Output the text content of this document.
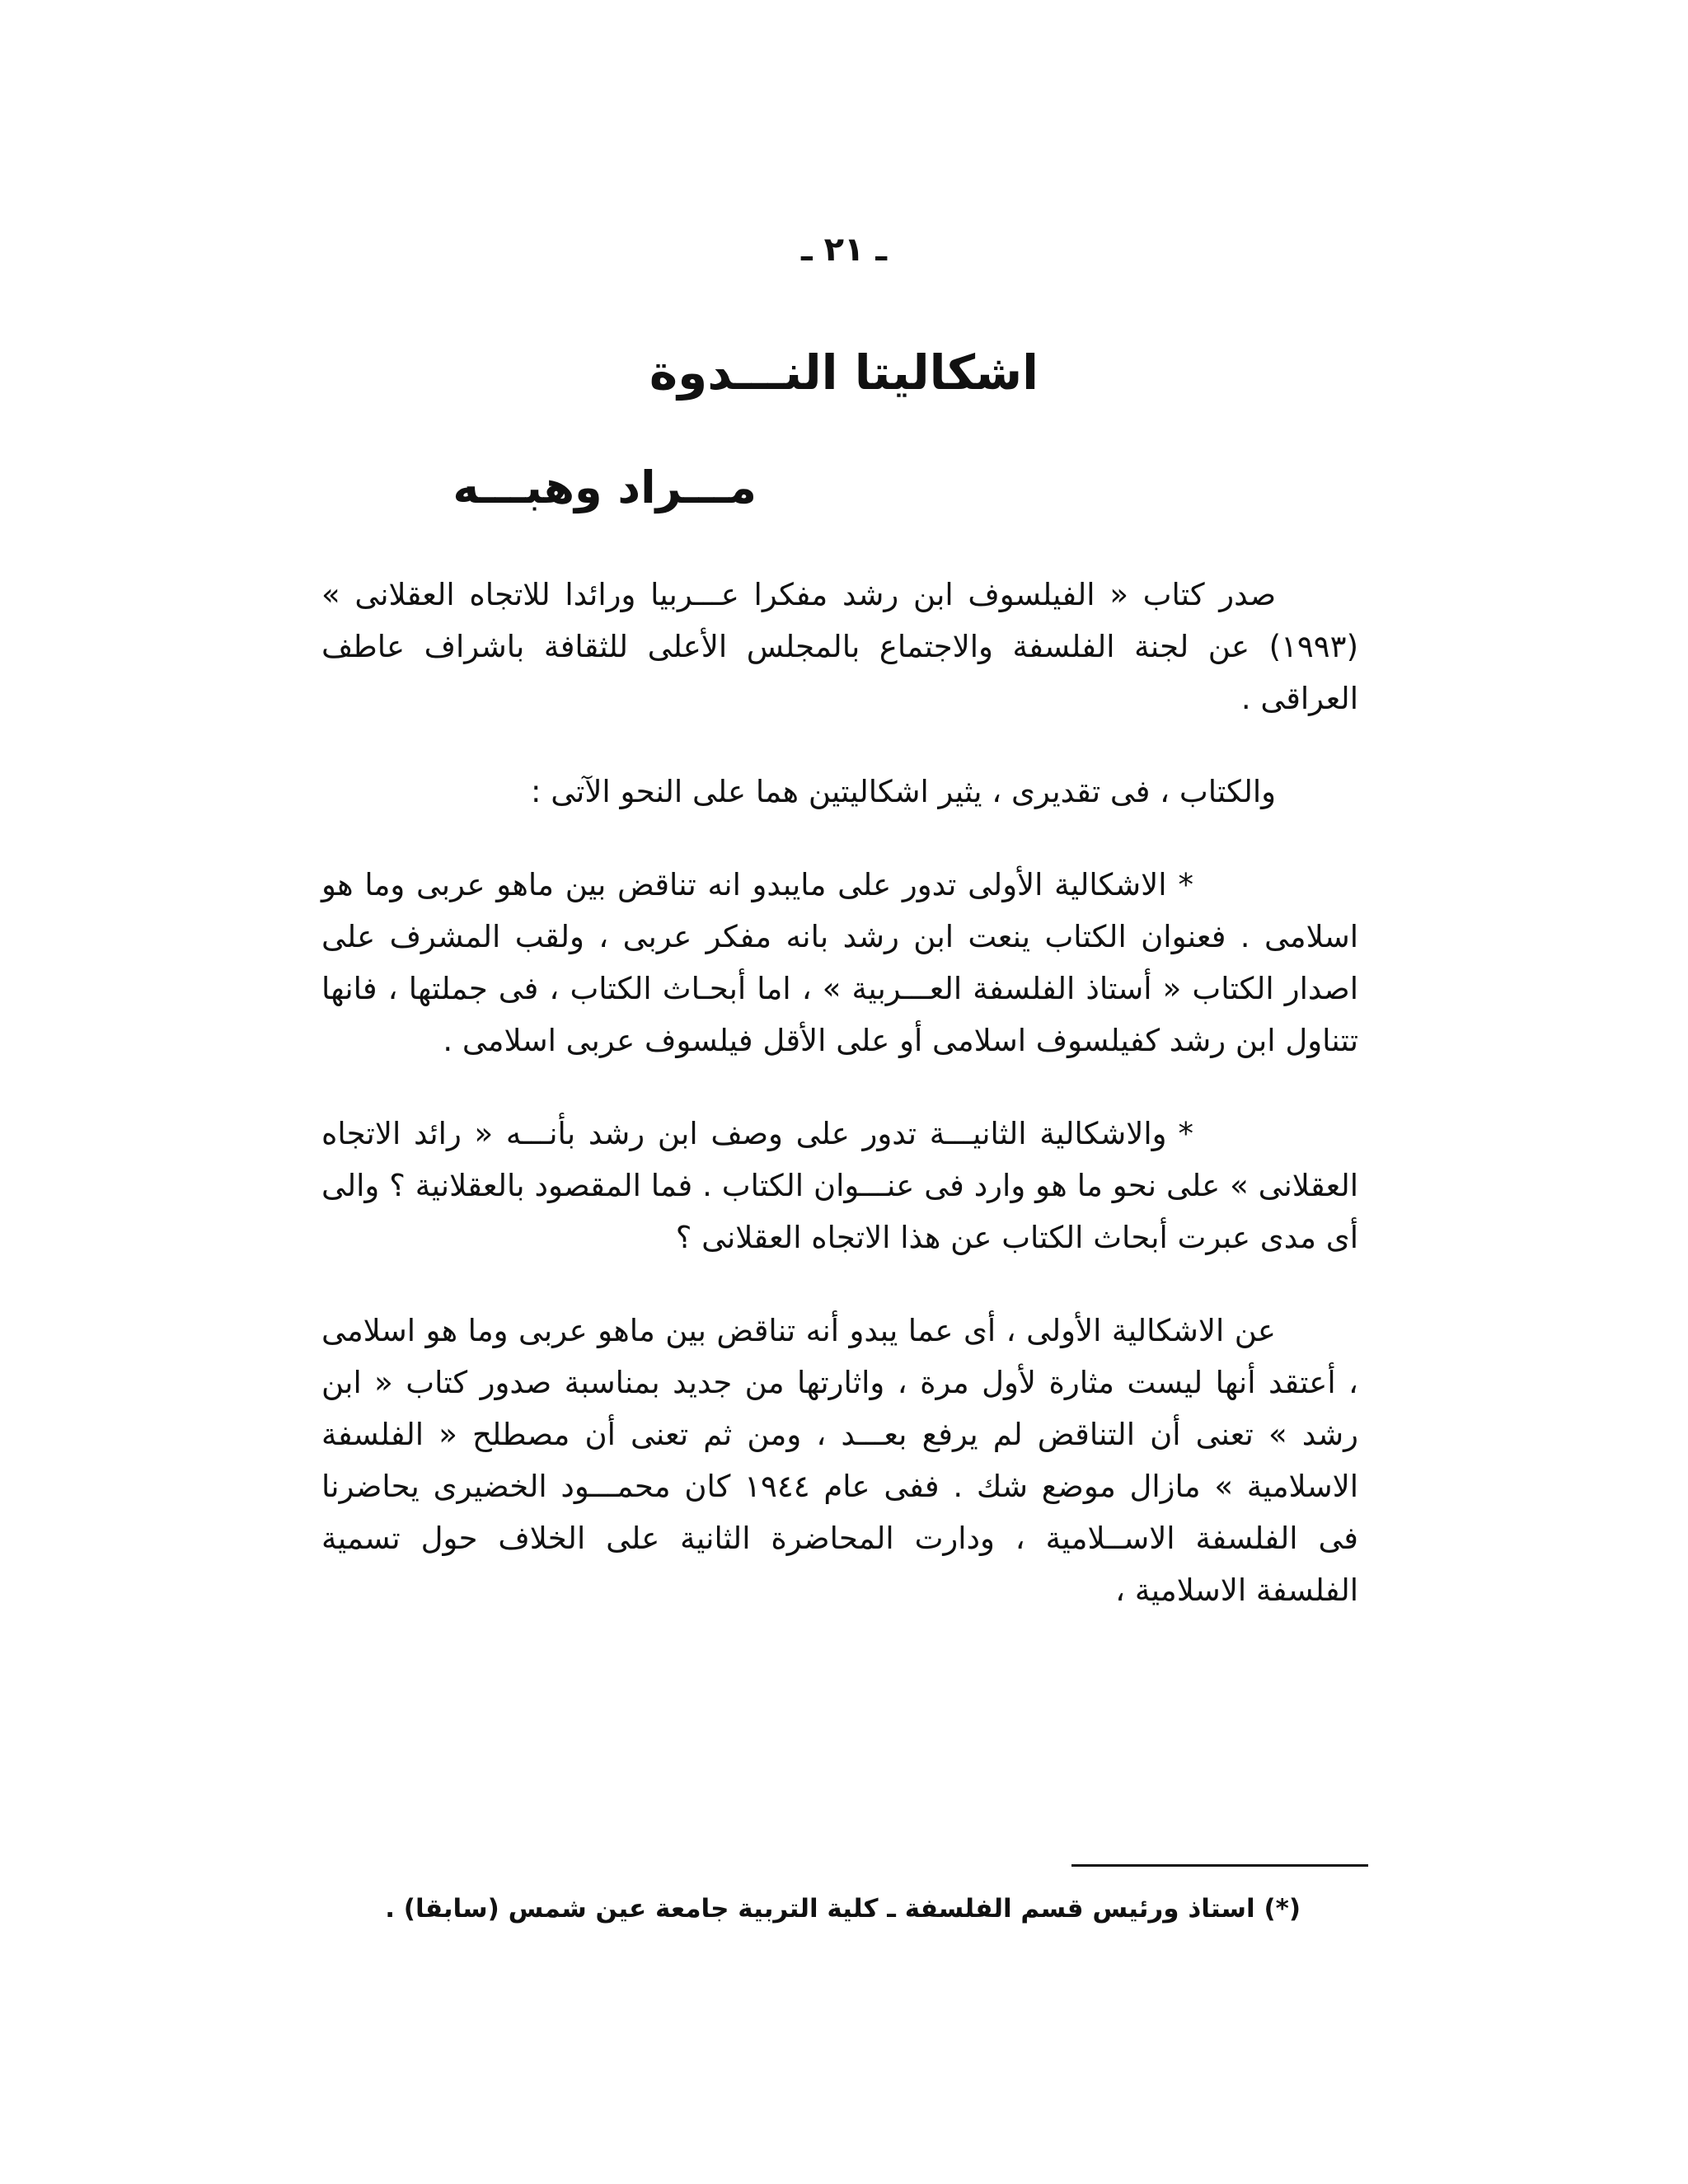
ـ ٢١ ـ
اشكاليتا النـــدوة
مـــراد وهبـــه

صدر كتاب « الفيلسوف ابن رشد مفكرا عـــربيا ورائدا للاتجاه العقلانى » (١٩٩٣) عن لجنة الفلسفة والاجتماع بالمجلس الأعلى للثقافة باشراف عاطف العراقى .

والكتاب ، فى تقديرى ، يثير اشكاليتين هما على النحو الآتى :

*الاشكالية الأولى تدور على مايبدو انه تناقض بين ماهو عربى وما هو اسلامى . فعنوان الكتاب ينعت ابن رشد بانه مفكر عربى ، ولقب المشرف على اصدار الكتاب « أستاذ الفلسفة العـــربية » ، اما أبحـاث الكتاب ، فى جملتها ، فانها تتناول ابن رشد كفيلسوف اسلامى أو على الأقل فيلسوف عربى اسلامى .

*والاشكالية الثانيـــة تدور على وصف ابن رشد بأنـــه « رائد الاتجاه العقلانى » على نحو ما هو وارد فى عنـــوان الكتاب . فما المقصود بالعقلانية ؟ والى أى مدى عبرت أبحاث الكتاب عن هذا الاتجاه العقلانى ؟

عن الاشكالية الأولى ، أى عما يبدو أنه تناقض بين ماهو عربى وما هو اسلامى ، أعتقد أنها ليست مثارة لأول مرة ، واثارتها من جديد بمناسبة صدور كتاب « ابن رشد » تعنى أن التناقض لم يرفع بعـــد ، ومن ثم تعنى أن مصطلح « الفلسفة الاسلامية » مازال موضع شك . ففى عام ١٩٤٤ كان محمـــود الخضيرى يحاضرنا فى الفلسفة الاســلامية ، ودارت المحاضرة الثانية على الخلاف حول تسمية الفلسفة الاسلامية ،

(*) استاذ ورئيس قسم الفلسفة ـ كلية التربية جامعة عين شمس (سابقا) .
